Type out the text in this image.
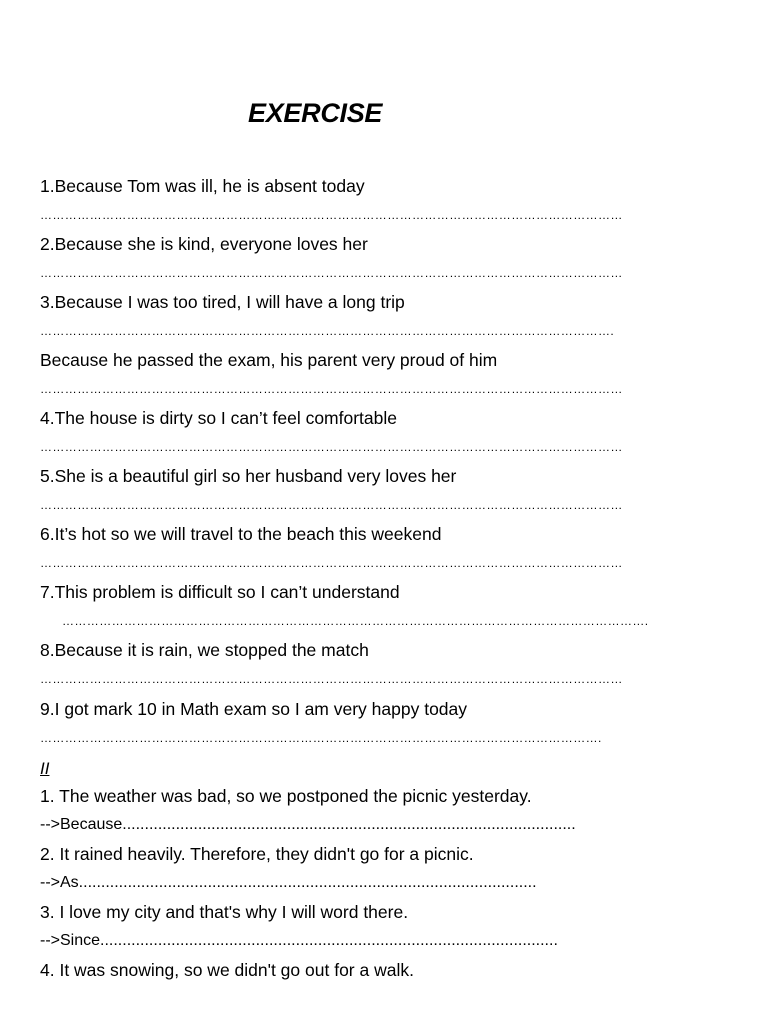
EXERCISE
1.Because Tom was ill, he is absent today
……………………………………………………………………………………………………………………………
2.Because she is kind, everyone loves her
……………………………………………………………………………………………………………………………
3.Because I was too tired, I will have a long trip
………………………………………………………………………………………………………………………….
Because he passed the exam, his parent very proud of him
……………………………………………………………………………………………………………………………
4.The house is dirty so I can’t feel comfortable
……………………………………………………………………………………………………………………………
5.She is a beautiful girl so her husband very loves her
……………………………………………………………………………………………………………………………
6.It’s hot so we will travel to the beach this weekend
……………………………………………………………………………………………………………………………
7.This problem is difficult so I can’t understand
…………………………………………………………………………………………………………………………….
8.Because it is rain, we stopped the match
……………………………………………………………………………………………………………………………
9.I got mark 10 in Math exam so I am very happy today
……………………………………………………………………………………………………………………….
II
1. The weather was bad, so we postponed the picnic yesterday.
-->Because......................................................................................................
2. It rained heavily. Therefore, they didn't go for a picnic.
-->As.......................................................................................................
3. I love my city and that's why I will word there.
-->Since.......................................................................................................
4. It was snowing, so we didn't go out for a walk.
